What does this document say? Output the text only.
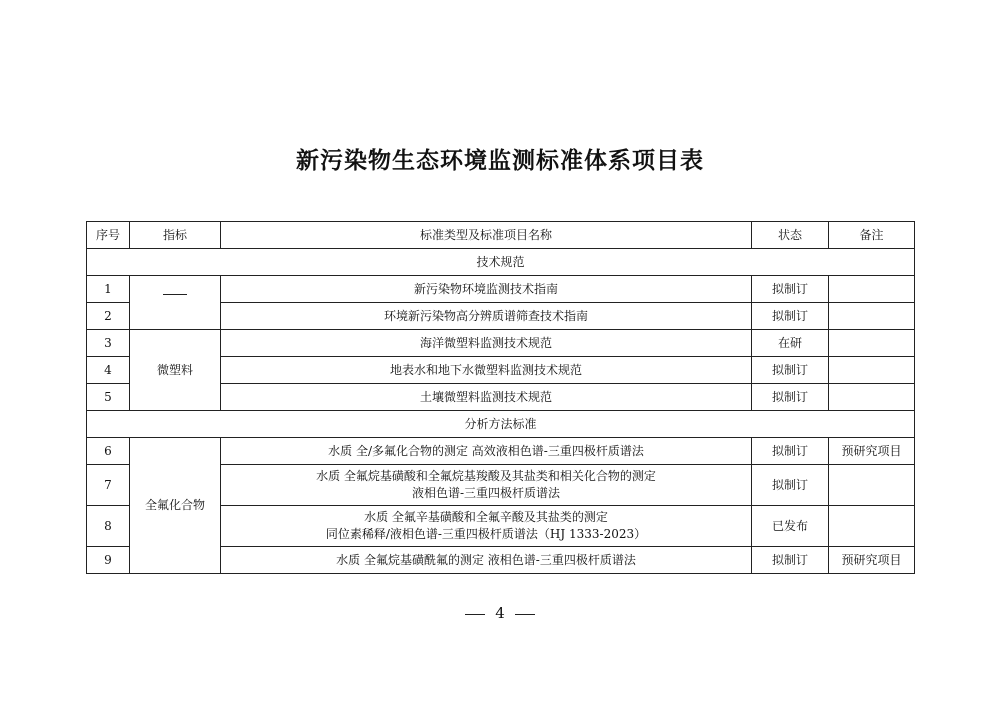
新污染物生态环境监测标准体系项目表
序号	指标	标准类型及标准项目名称	状态	备注
技术规范				
1		新污染物环境监测技术指南	拟制订	
2		环境新污染物高分辨质谱筛查技术指南	拟制订	
3	微塑料	海洋微塑料监测技术规范	在研	
4		地表水和地下水微塑料监测技术规范	拟制订	
5		土壤微塑料监测技术规范	拟制订	
分析方法标准				
6	全氟化合物	水质 全/多氟化合物的测定 高效液相色谱-三重四极杆质谱法	拟制订	预研究项目
7		水质 全氟烷基磺酸和全氟烷基羧酸及其盐类和相关化合物的测定
液相色谱-三重四极杆质谱法	拟制订	
8		水质 全氟辛基磺酸和全氟辛酸及其盐类的测定
同位素稀释/液相色谱-三重四极杆质谱法（HJ 1333-2023）	已发布	
9		水质 全氟烷基磺酰氟的测定 液相色谱-三重四极杆质谱法	拟制订	预研究项目
4
